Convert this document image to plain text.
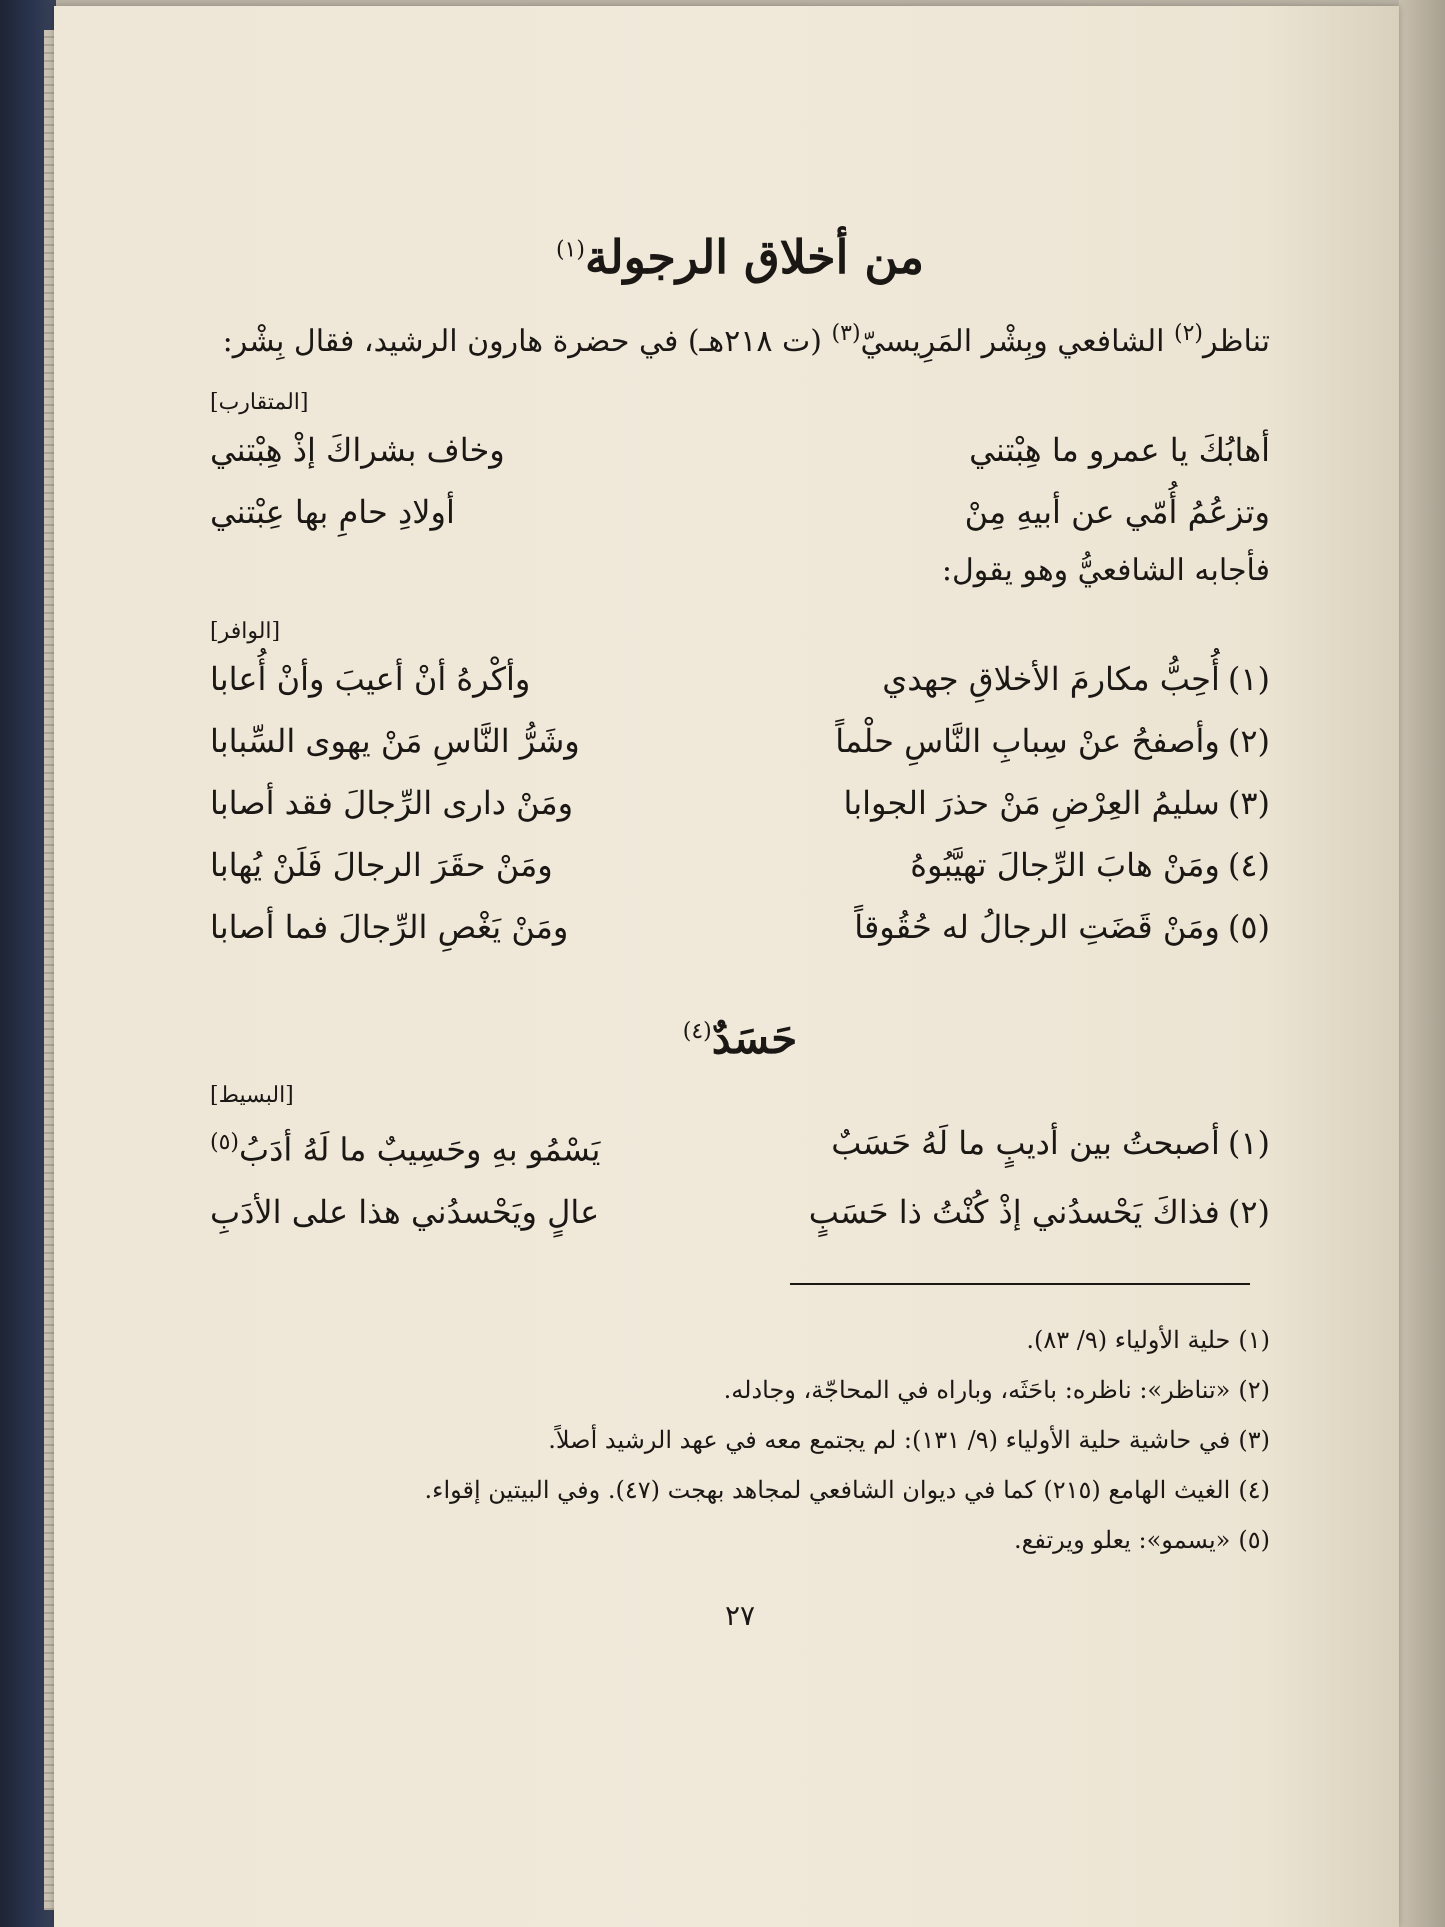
من أخلاق الرجولة$^{(١)}$

تناظر$^{(٢)}$ الشافعي وبِشْر المَرِيسيّ$^{(٣)}$ (ت ٢١٨هـ) في حضرة هارون الرشيد، فقال بِشْر:

[المتقارب]
أهابُكَ يا عمرو ما هِبْتني
وخاف بشراكَ إذْ هِبْتني
وتزعُمُ أُمّي عن أبيهِ مِنْ
أولادِ حامِ بها عِبْتني

فأجابه الشافعيُّ وهو يقول:

[الوافر]
(١)أُحِبُّ مكارمَ الأخلاقِ جهدي
وأكْرهُ أنْ أعيبَ وأنْ أُعابا
(٢)وأصفحُ عنْ سِبابِ النَّاسِ حلْماً
وشَرُّ النَّاسِ مَنْ يهوى السِّبابا
(٣)سليمُ العِرْضِ مَنْ حذرَ الجوابا
ومَنْ دارى الرِّجالَ فقد أصابا
(٤)ومَنْ هابَ الرِّجالَ تهيَّبُوهُ
ومَنْ حقَرَ الرجالَ فَلَنْ يُهابا
(٥)ومَنْ قَضَتِ الرجالُ له حُقُوقاً
ومَنْ يَغْصِ الرِّجالَ فما أصابا
حَسَدٌ$^{(٤)}$
[البسيط]
(١)أصبحتُ بين أديبٍ ما لَهُ حَسَبٌ
يَسْمُو بهِ وحَسِيبٌ ما لَهُ أدَبُ$^{(٥)}$
(٢)فذاكَ يَحْسدُني إذْ كُنْتُ ذا حَسَبٍ
عالٍ ويَحْسدُني هذا على الأدَبِ
(١)حلية الأولياء (٩/ ٨٣).
(٢)«تناظر»: ناظره: باحَثَه، وباراه في المحاجّة، وجادله.
(٣)في حاشية حلية الأولياء (٩/ ١٣١): لم يجتمع معه في عهد الرشيد أصلاً.
(٤)الغيث الهامع (٢١٥) كما في ديوان الشافعي لمجاهد بهجت (٤٧). وفي البيتين إقواء.
(٥)«يسمو»: يعلو ويرتفع.
٢٧
